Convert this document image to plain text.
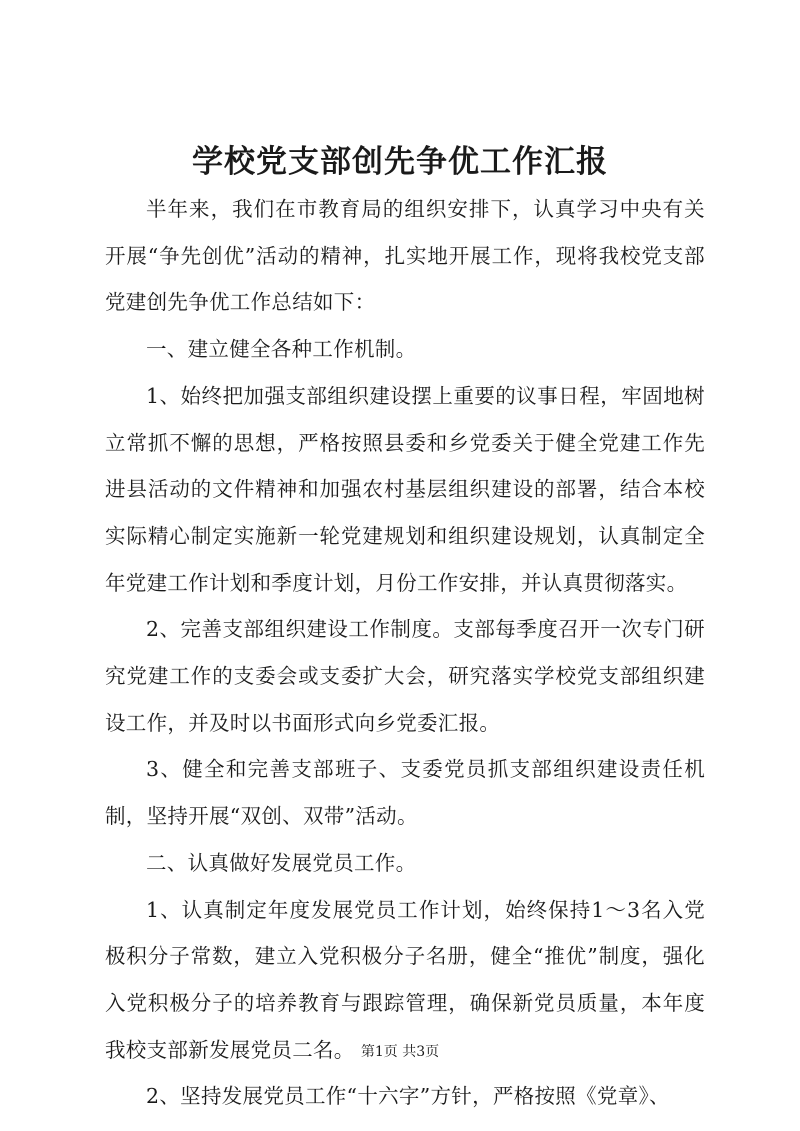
学校党支部创先争优工作汇报

半年来，我们在市教育局的组织安排下，认真学习中央有关开展“争先创优”活动的精神，扎实地开展工作，现将我校党支部党建创先争优工作总结如下：

一、建立健全各种工作机制。

1、始终把加强支部组织建设摆上重要的议事日程，牢固地树立常抓不懈的思想，严格按照县委和乡党委关于健全党建工作先进县活动的文件精神和加强农村基层组织建设的部署，结合本校实际精心制定实施新一轮党建规划和组织建设规划，认真制定全年党建工作计划和季度计划，月份工作安排，并认真贯彻落实。

2、完善支部组织建设工作制度。支部每季度召开一次专门研究党建工作的支委会或支委扩大会，研究落实学校党支部组织建设工作，并及时以书面形式向乡党委汇报。

3、健全和完善支部班子、支委党员抓支部组织建设责任机制，坚持开展“双创、双带”活动。

二、认真做好发展党员工作。

1、认真制定年度发展党员工作计划，始终保持1～3名入党极积分子常数，建立入党积极分子名册，健全“推优”制度，强化入党积极分子的培养教育与跟踪管理，确保新党员质量，本年度我校支部新发展党员二名。

2、坚持发展党员工作“十六字”方针，严格按照《党章》、

第1页 共3页
